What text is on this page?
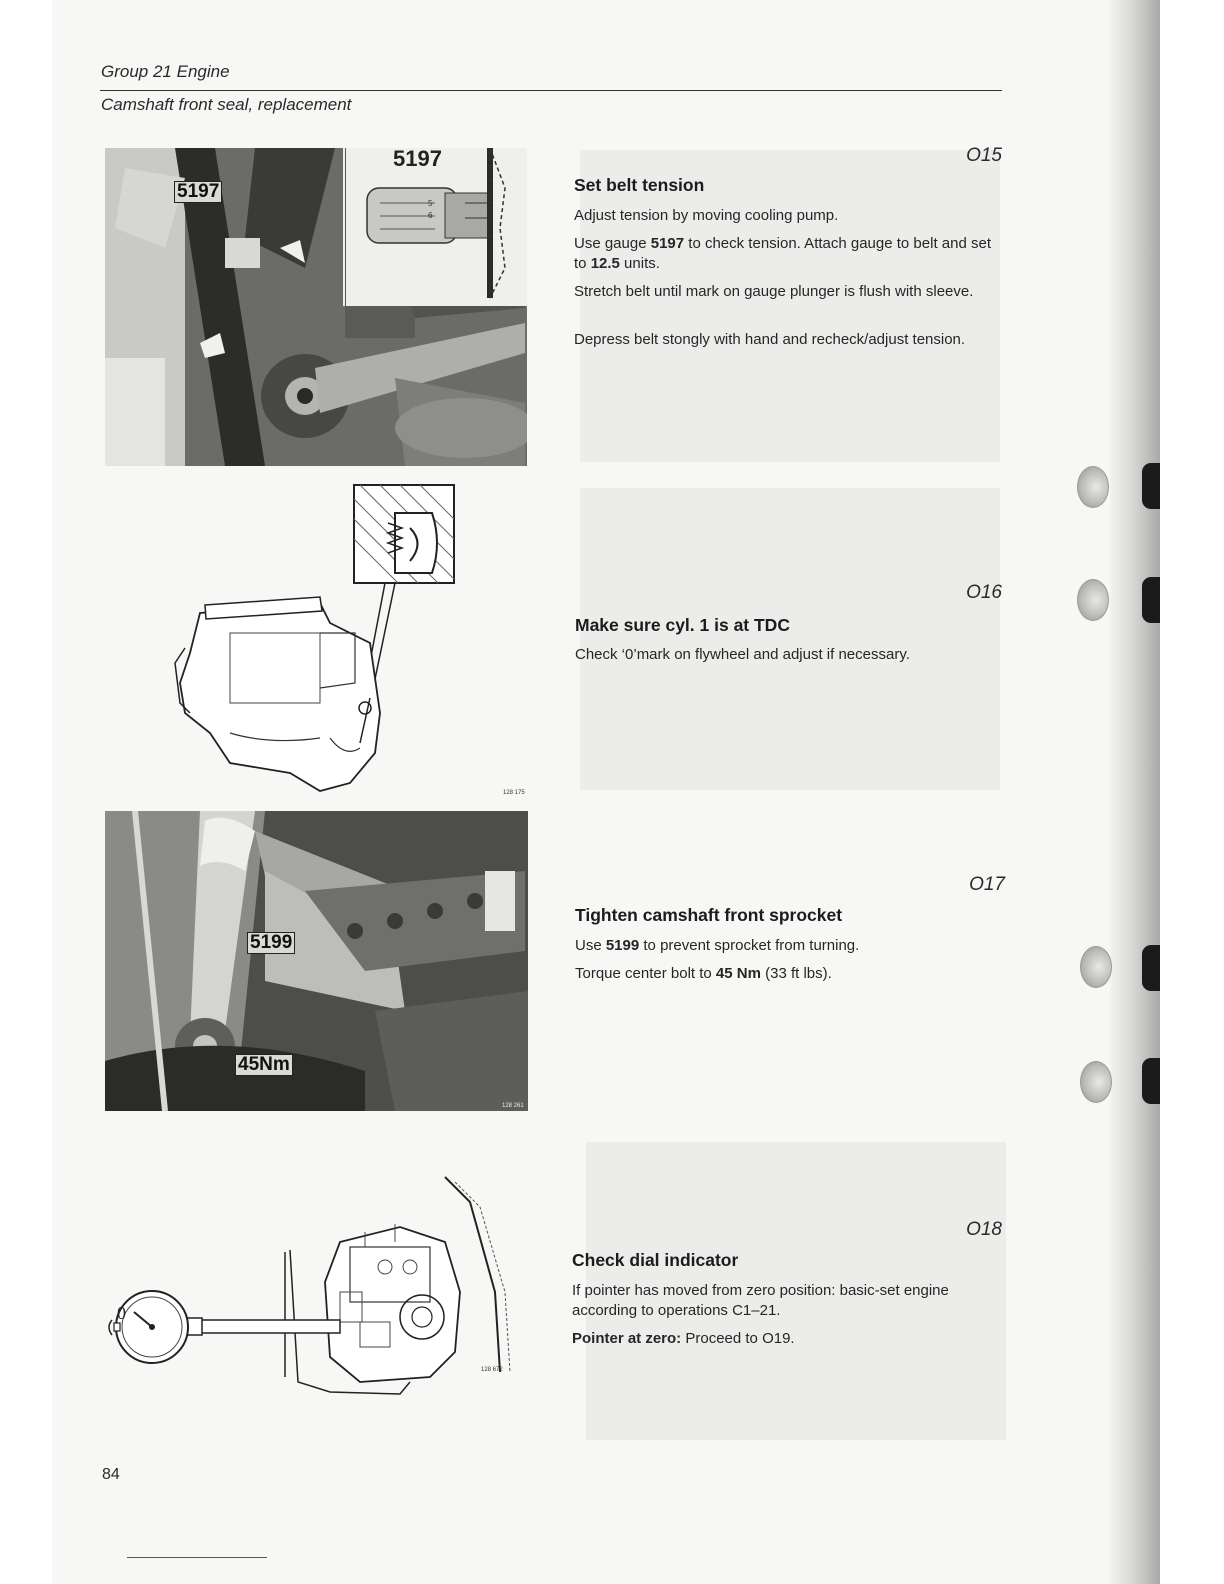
Group 21 Engine
Camshaft front seal, replacement
5197
5197
5
6
O15
Set belt tension
Adjust tension by moving cooling pump.
Use gauge 5197 to check tension. Attach gauge to belt and set to 12.5 units.
Stretch belt until mark on gauge plunger is flush with sleeve.
Depress belt stongly with hand and recheck/adjust tension.
128 175
O16
Make sure cyl. 1 is at TDC
Check ‘0’mark on flywheel and adjust if necessary.
5199
45Nm
128 261
O17
Tighten camshaft front sprocket
Use 5199 to prevent sprocket from turning.
Torque center bolt to 45 Nm (33 ft lbs).
0
128 672
O18
Check dial indicator
If pointer has moved from zero position: basic-set engine according to operations C1–21.
Pointer at zero: Proceed to O19.
84
